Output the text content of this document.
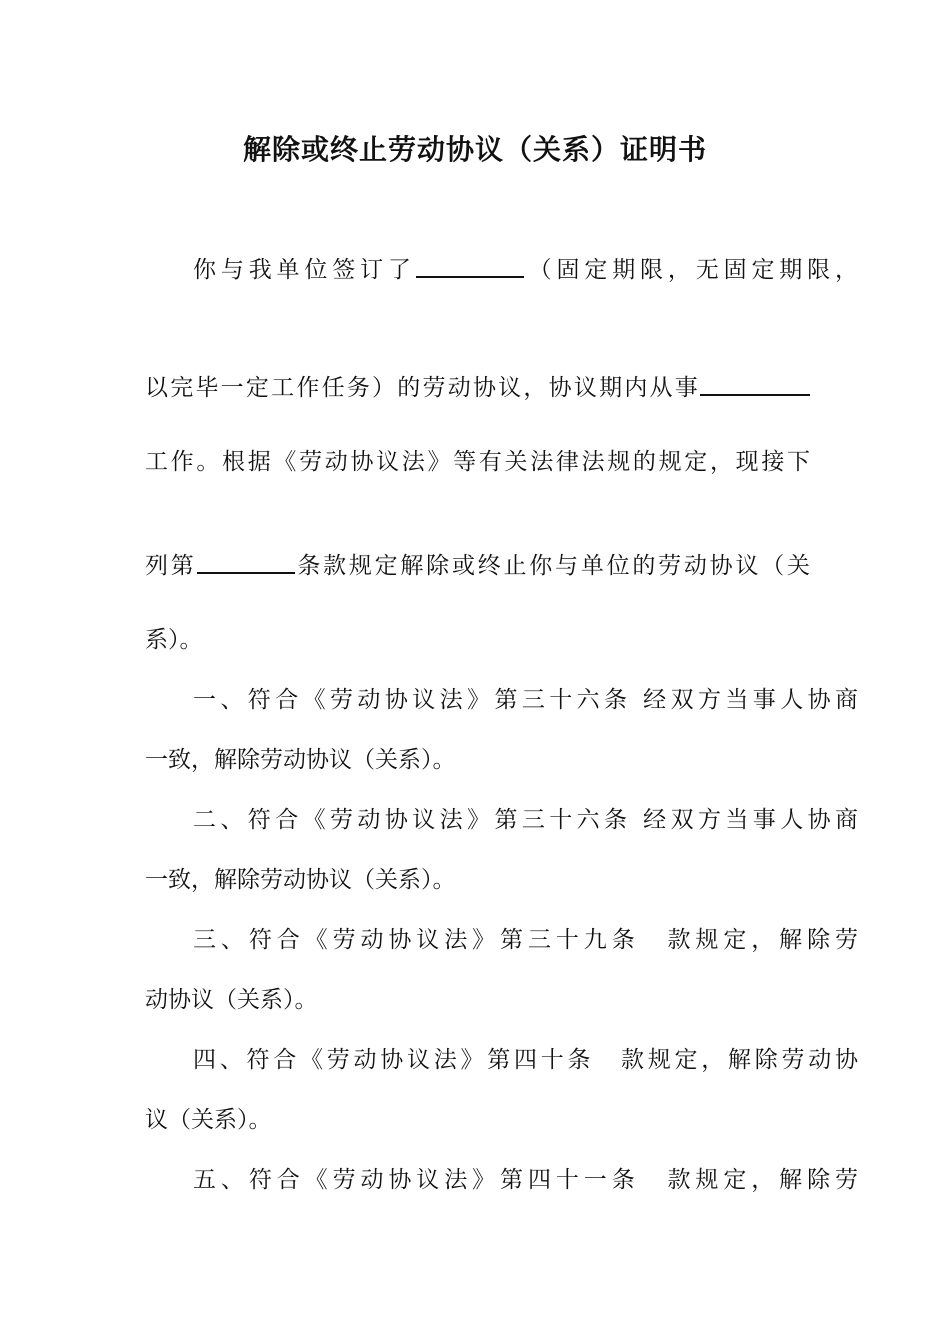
解除或终止劳动协议（关系）证明书
你与我单位签订了	（固定期限，无固定期限，
以完毕一定工作任务）的劳动协议，协议期内从事
工作。根据《劳动协议法》等有关法律法规的规定，现接下
列第	条款规定解除或终止你与单位的劳动协议（关
系）。
一、符合《劳动协议法》第三十六条 经双方当事人协商
一致，解除劳动协议（关系）。
二、符合《劳动协议法》第三十六条 经双方当事人协商
一致，解除劳动协议（关系）。
三、符合《劳动协议法》第三十九条　款规定，解除劳
动协议（关系）。
四、符合《劳动协议法》第四十条　款规定，解除劳动协
议（关系）。
五、符合《劳动协议法》第四十一条　款规定，解除劳
